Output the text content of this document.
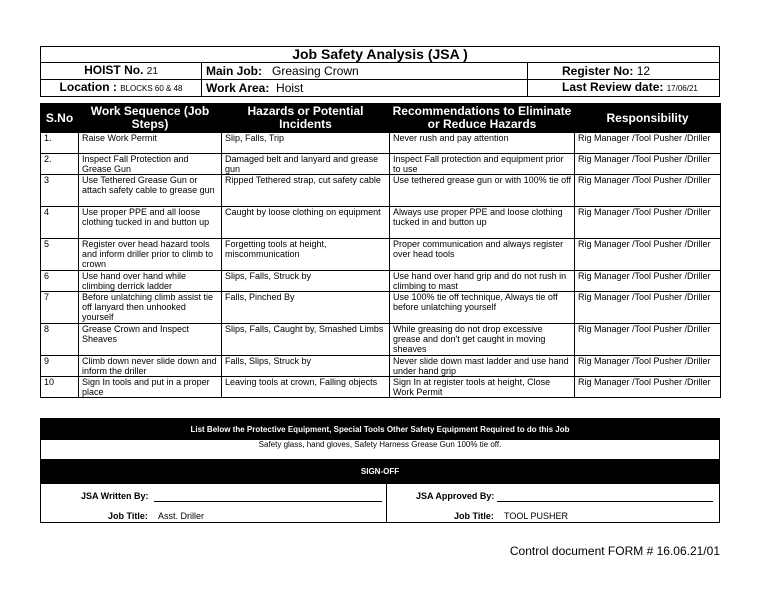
Job Safety Analysis (JSA )		
HOIST No. 21	Main Job: Greasing Crown	Register No: 12
Location : BLOCKS 60 & 48	Work Area: Hoist	Last Review date: 17/06/21
S.No	Work Sequence (Job Steps)	Hazards or Potential Incidents	Recommendations to Eliminate or Reduce Hazards	Responsibility
1.	Raise Work Permit	Slip, Falls, Trip	Never rush and pay attention	Rig Manager /Tool Pusher /Driller
2.	Inspect Fall Protection and Grease Gun	Damaged belt and lanyard and grease gun	Inspect Fall protection and equipment prior to use	Rig Manager /Tool Pusher /Driller
3	Use Tethered Grease Gun or attach safety cable to grease gun	Ripped Tethered strap, cut safety cable	Use tethered grease gun or with 100% tie off	Rig Manager /Tool Pusher /Driller
4	Use proper PPE and all loose clothing tucked in and button up	Caught by loose clothing on equipment	Always use proper PPE and loose clothing tucked in and button up	Rig Manager /Tool Pusher /Driller
5	Register over head hazard tools and inform driller prior to climb to crown	Forgetting tools at height, miscommunication	Proper communication and always register over head tools	Rig Manager /Tool Pusher /Driller
6	Use hand over hand while climbing derrick ladder	Slips, Falls, Struck by	Use hand over hand grip and do not rush in climbing to mast	Rig Manager /Tool Pusher /Driller
7	Before unlatching climb assist tie off lanyard then unhooked yourself	Falls, Pinched By	Use 100% tie off technique, Always tie off before unlatching yourself	Rig Manager /Tool Pusher /Driller
8	Grease Crown and Inspect Sheaves	Slips, Falls, Caught by, Smashed Limbs	While greasing do not drop excessive grease and don't get caught in moving sheaves	Rig Manager /Tool Pusher /Driller
9	Climb down never slide down and inform the driller	Falls, Slips, Struck by	Never slide down mast ladder and use hand under hand grip	Rig Manager /Tool Pusher /Driller
10	Sign In tools and put in a proper place	Leaving tools at crown, Falling objects	Sign In at register tools at height, Close Work Permit	Rig Manager /Tool Pusher /Driller
List Below the Protective Equipment, Special Tools Other Safety Equipment Required to do this Job
Safety glass, hand gloves, Safety Harness Grease Gun 100% tie off.
SIGN-OFF

JSA Written By:
Job Title: Asst. Driller

JSA Approved By:
Job Title: TOOL PUSHER
Control document FORM # 16.06.21/01
